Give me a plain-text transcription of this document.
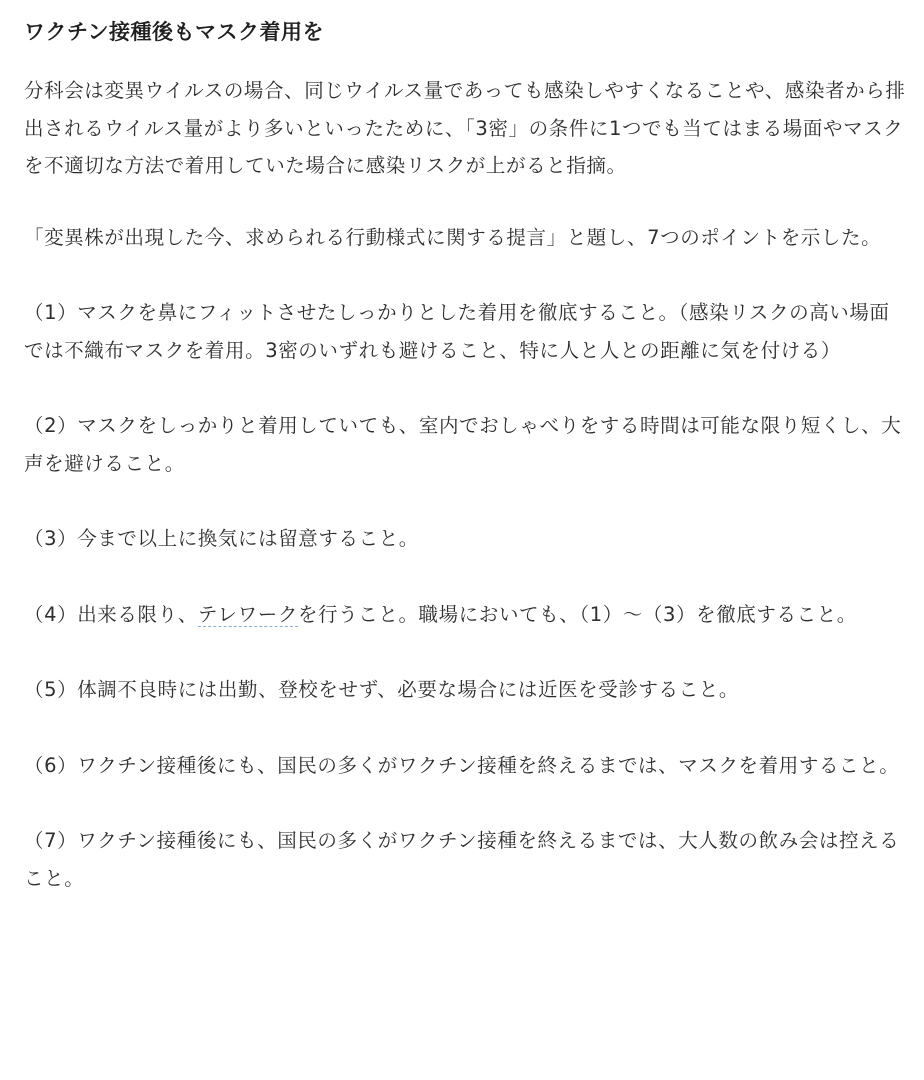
ワクチン接種後もマスク着用を

分科会は変異ウイルスの場合、同じウイルス量であっても感染しやすくなることや、感染者から排出されるウイルス量がより多いといったために、「3密」の条件に1つでも当てはまる場面やマスクを不適切な方法で着用していた場合に感染リスクが上がると指摘。

「変異株が出現した今、求められる行動様式に関する提言」と題し、7つのポイントを示した。

（1）マスクを鼻にフィットさせたしっかりとした着用を徹底すること。（感染リスクの高い場面では不織布マスクを着用。3密のいずれも避けること、特に人と人との距離に気を付ける）

（2）マスクをしっかりと着用していても、室内でおしゃべりをする時間は可能な限り短くし、大声を避けること。

（3）今まで以上に換気には留意すること。

（4）出来る限り、テレワークを行うこと。職場においても、（1）～（3）を徹底すること。

（5）体調不良時には出勤、登校をせず、必要な場合には近医を受診すること。

（6）ワクチン接種後にも、国民の多くがワクチン接種を終えるまでは、マスクを着用すること。

（7）ワクチン接種後にも、国民の多くがワクチン接種を終えるまでは、大人数の飲み会は控えること。
